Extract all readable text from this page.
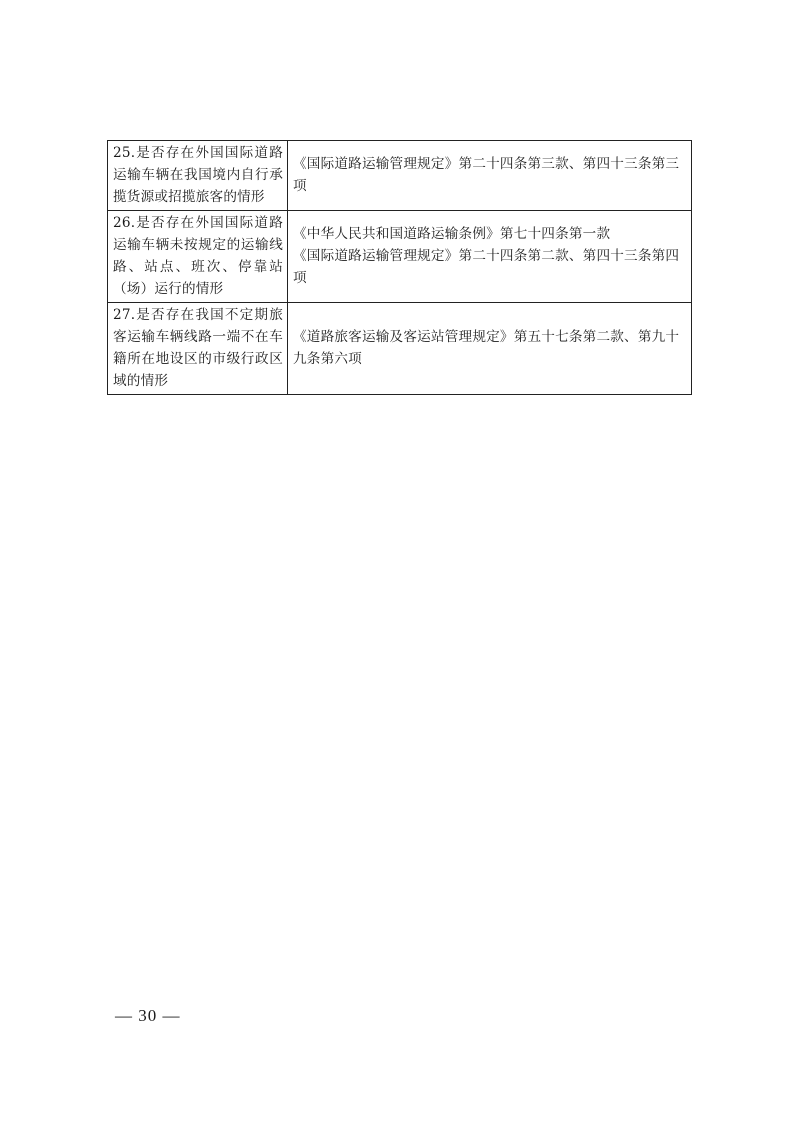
25.是否存在外国国际道路运输车辆在我国境内自行承揽货源或招揽旅客的情形	《国际道路运输管理规定》第二十四条第三款、第四十三条第三项

26.是否存在外国国际道路运输车辆未按规定的运输线路、站点、班次、停靠站（场）运行的情形	《中华人民共和国道路运输条例》第七十四条第一款
《国际道路运输管理规定》第二十四条第二款、第四十三条第四项

27.是否存在我国不定期旅客运输车辆线路一端不在车籍所在地设区的市级行政区域的情形	《道路旅客运输及客运站管理规定》第五十七条第二款、第九十九条第六项
— 30 —
